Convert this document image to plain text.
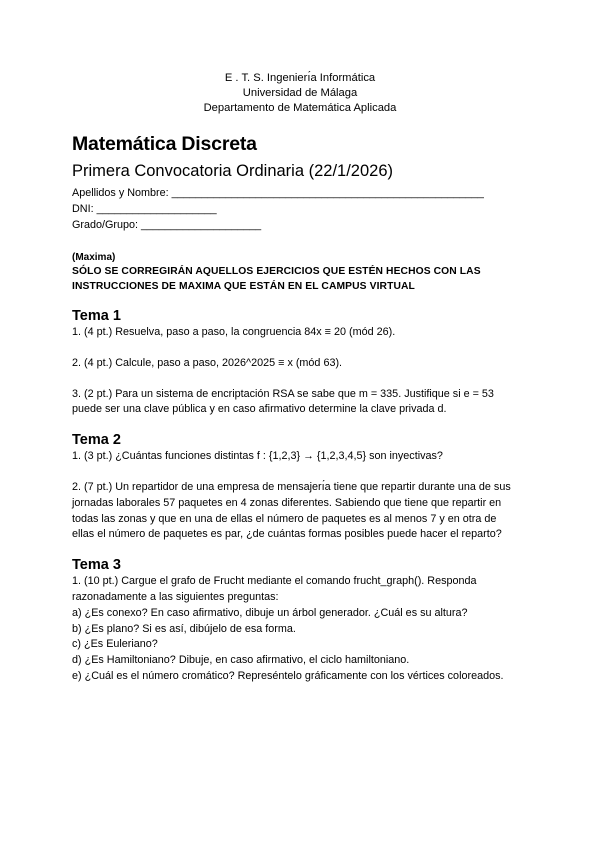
E . T. S. Ingenierı́a Informática
Universidad de Málaga
Departamento de Matemática Aplicada
Matemática Discreta
Primera Convocatoria Ordinaria (22/1/2026)
Apellidos y Nombre: ____________________________________________________
DNI: ____________________
Grado/Grupo: ____________________
(Maxima)
SÓLO SE CORREGIRÁN AQUELLOS EJERCICIOS QUE ESTÉN HECHOS CON LAS
INSTRUCCIONES DE MAXIMA QUE ESTÁN EN EL CAMPUS VIRTUAL
Tema 1
1. (4 pt.) Resuelva, paso a paso, la congruencia 84x ≡ 20 (mód 26).
2. (4 pt.) Calcule, paso a paso, 2026^2025 ≡ x (mód 63).
3. (2 pt.) Para un sistema de encriptación RSA se sabe que m = 335. Justifique si e = 53
puede ser una clave pública y en caso afirmativo determine la clave privada d.
Tema 2
1. (3 pt.) ¿Cuántas funciones distintas f : {1,2,3} → {1,2,3,4,5} son inyectivas?
2. (7 pt.) Un repartidor de una empresa de mensajerı́a tiene que repartir durante una de sus
jornadas laborales 57 paquetes en 4 zonas diferentes. Sabiendo que tiene que repartir en
todas las zonas y que en una de ellas el número de paquetes es al menos 7 y en otra de
ellas el número de paquetes es par, ¿de cuántas formas posibles puede hacer el reparto?
Tema 3
1. (10 pt.) Cargue el grafo de Frucht mediante el comando frucht_graph(). Responda
razonadamente a las siguientes preguntas:
a) ¿Es conexo? En caso afirmativo, dibuje un árbol generador. ¿Cuál es su altura?
b) ¿Es plano? Si es así, dibújelo de esa forma.
c) ¿Es Euleriano?
d) ¿Es Hamiltoniano? Dibuje, en caso afirmativo, el ciclo hamiltoniano.
e) ¿Cuál es el número cromático? Represéntelo gráficamente con los vértices coloreados.
